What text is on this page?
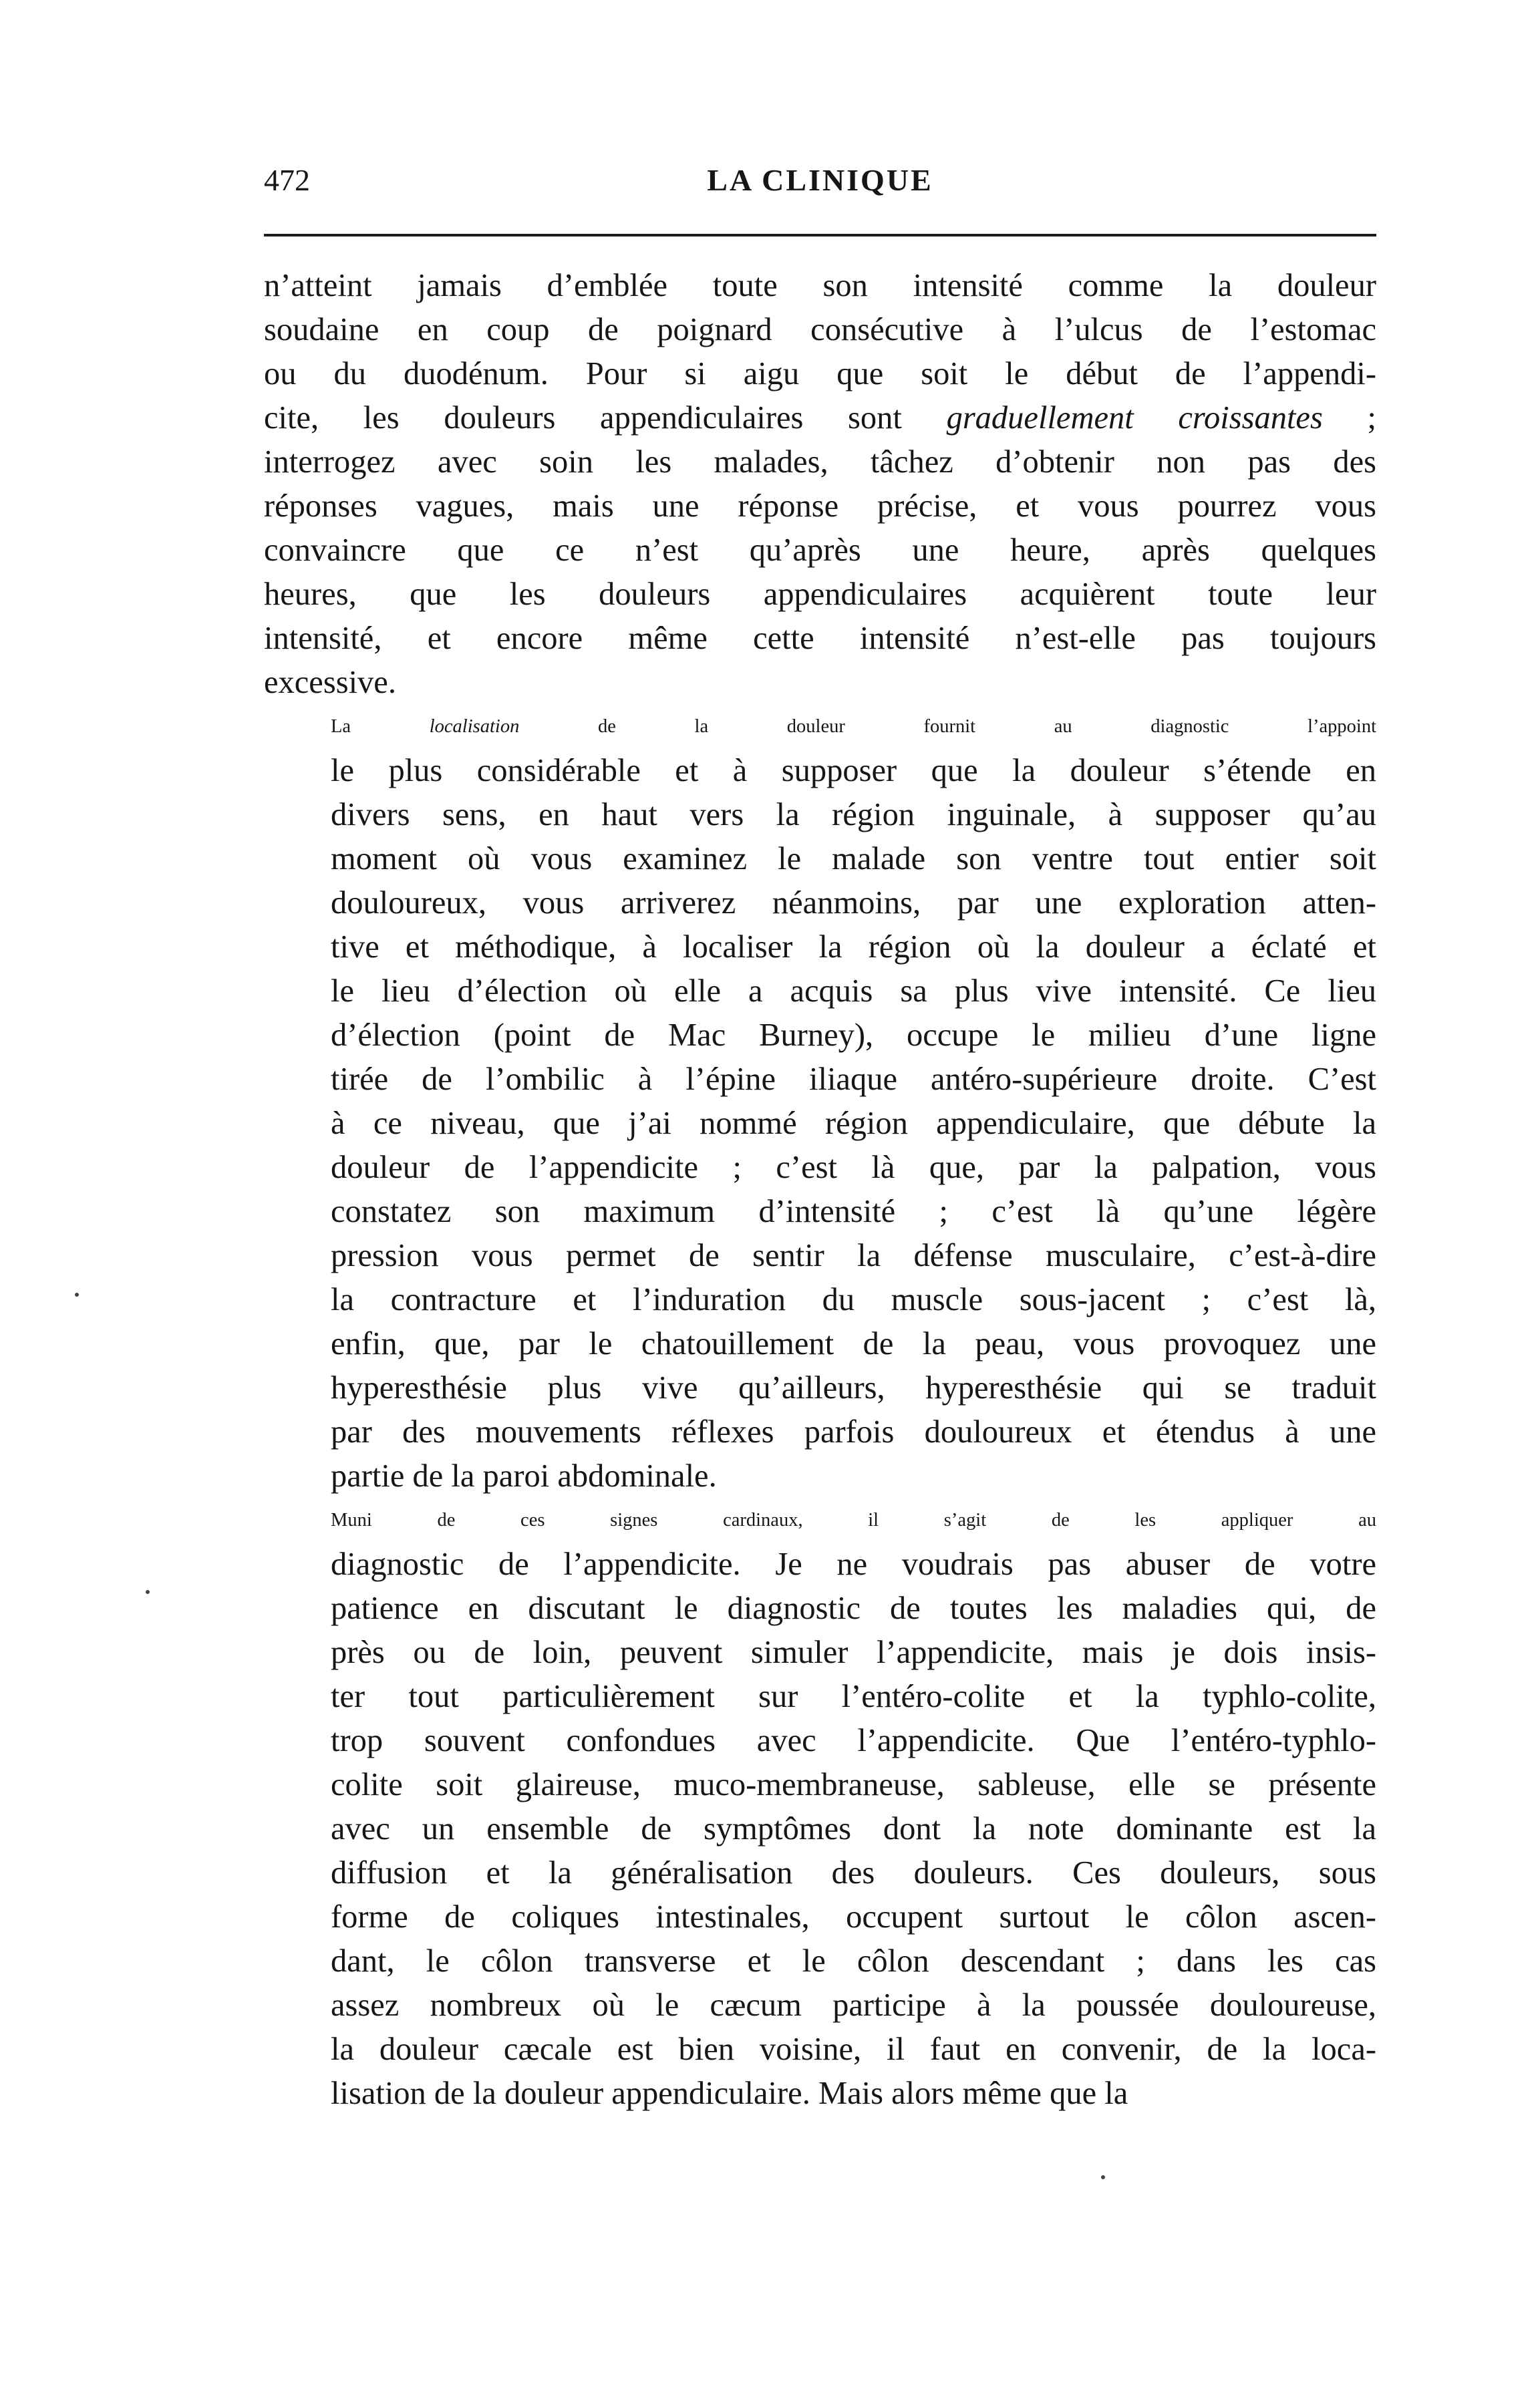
472	LA CLINIQUE

n’atteint jamais d’emblée toute son intensité comme la douleur
soudaine en coup de poignard consécutive à l’ulcus de l’estomac
ou du duodénum. Pour si aigu que soit le début de l’appendi-
cite, les douleurs appendiculaires sont graduellement croissantes ;
interrogez avec soin les malades, tâchez d’obtenir non pas des
réponses vagues, mais une réponse précise, et vous pourrez vous
convaincre que ce n’est qu’après une heure, après quelques
heures, que les douleurs appendiculaires acquièrent toute leur
intensité, et encore même cette intensité n’est-elle pas toujours
excessive.

La localisation de la douleur fournit au diagnostic l’appoint
le plus considérable et à supposer que la douleur s’étende en
divers sens, en haut vers la région inguinale, à supposer qu’au
moment où vous examinez le malade son ventre tout entier soit
douloureux, vous arriverez néanmoins, par une exploration atten-
tive et méthodique, à localiser la région où la douleur a éclaté et
le lieu d’élection où elle a acquis sa plus vive intensité. Ce lieu
d’élection (point de Mac Burney), occupe le milieu d’une ligne
tirée de l’ombilic à l’épine iliaque antéro-supérieure droite. C’est
à ce niveau, que j’ai nommé région appendiculaire, que débute la
douleur de l’appendicite ; c’est là que, par la palpation, vous
constatez son maximum d’intensité ; c’est là qu’une légère
pression vous permet de sentir la défense musculaire, c’est-à-dire
la contracture et l’induration du muscle sous-jacent ; c’est là,
enfin, que, par le chatouillement de la peau, vous provoquez une
hyperesthésie plus vive qu’ailleurs, hyperesthésie qui se traduit
par des mouvements réflexes parfois douloureux et étendus à une
partie de la paroi abdominale.

Muni de ces signes cardinaux, il s’agit de les appliquer au
diagnostic de l’appendicite. Je ne voudrais pas abuser de votre
patience en discutant le diagnostic de toutes les maladies qui, de
près ou de loin, peuvent simuler l’appendicite, mais je dois insis-
ter tout particulièrement sur l’entéro-colite et la typhlo-colite,
trop souvent confondues avec l’appendicite. Que l’entéro-typhlo-
colite soit glaireuse, muco-membraneuse, sableuse, elle se présente
avec un ensemble de symptômes dont la note dominante est la
diffusion et la généralisation des douleurs. Ces douleurs, sous
forme de coliques intestinales, occupent surtout le côlon ascen-
dant, le côlon transverse et le côlon descendant ; dans les cas
assez nombreux où le cæcum participe à la poussée douloureuse,
la douleur cæcale est bien voisine, il faut en convenir, de la loca-
lisation de la douleur appendiculaire. Mais alors même que la
